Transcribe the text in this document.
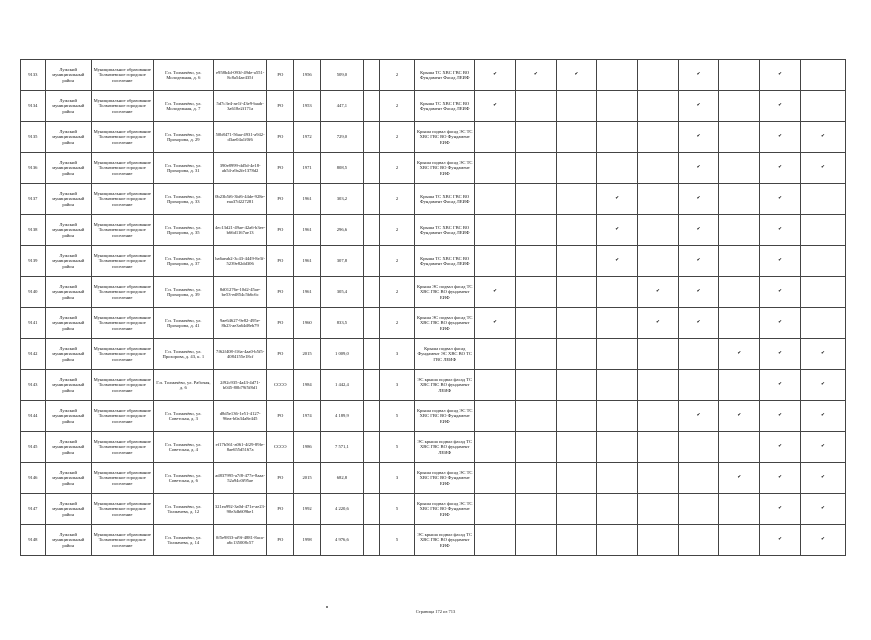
9133	Лужский муниципальный район	Муниципальное образование Толмачевское городское поселение	Г.п. Толмачёво, ул. Молодежная, д. 6	e958b4d-093f-49de-a551-8c8a54ae435f	РО	1956	509,0		2	Крыша ТС ХВС ГВС ВО Фундамент Фасад ЛЕИФ	✔	✔	✔			✔		✔	
9134	Лужский муниципальный район	Муниципальное образование Толмачевское городское поселение	Г.п. Толмачёво, ул. Молодежная, д. 7	5d7c3e4-ae1f-43e9-baab-3a618e2f171a	РО	1953	447,1		2	Крыша ТС ХВС ГВС ВО Фундамент Фасад ЛЕИФ	✔					✔		✔	
9135	Лужский муниципальный район	Муниципальное образование Толмачевское городское поселение	Г.п. Толмачёво, ул. Прохорова, д. 29	50b8471-56aa-4931-a942-d3ae04a1f0f6	РО	1972	729,0		2	Крыша подвал фасад ЭС ТС ХВС ГВС ВО Фундамент ЕИФ						✔		✔	✔
9136	Лужский муниципальный район	Муниципальное образование Толмачевское городское поселение	Г.п. Толмачёво, ул. Прохорова, д. 31	390e8999-dd5d-4e18-ab54-a9a2fe1378d2	РО	1971	808,5		2	Крыша подвал фасад ЭС ТС ХВС ГВС ВО Фундамент ЕИФ						✔		✔	✔
9137	Лужский муниципальный район	Муниципальное образование Толмачевское городское поселение	Г.п. Толмачёво, ул. Прохорова, д. 33	0b23b5f6-3bf6-44de-928e-eaa37d227281	РО	1961	303,2		2	Крыша ТС ХВС ГВС ВО Фундамент Фасад ЛЕИФ				✔		✔		✔	
9138	Лужский муниципальный район	Муниципальное образование Толмачевское городское поселение	Г.п. Толмачёво, ул. Прохорова, д. 35	4ec13d21-49ae-42a6-b3ee-b66d1167ae13	РО	1961	296,6		2	Крыша ТС ХВС ГВС ВО Фундамент Фасад ЛЕИФ				✔		✔		✔	
9139	Лужский муниципальный район	Муниципальное образование Толмачевское городское поселение	Г.п. Толмачёво, ул. Прохорова, д. 37	ba6aeab2-3c43-4449-8e3f-5239e82dd306	РО	1961	307,8		2	Крыша ТС ХВС ГВС ВО Фундамент Фасад ЛЕИФ				✔		✔		✔	
9140	Лужский муниципальный район	Муниципальное образование Толмачевское городское поселение	Г.п. Толмачёво, ул. Прохорова, д. 39	8d01276e-10d2-45ae-be53-ed854c5b6c6c	РО	1961	305,4		2	Крыша ЭС подвал фасад ТС ХВС ГВС ВО фундамент ЕИФ	✔				✔	✔		✔	
9141	Лужский муниципальный район	Муниципальное образование Толмачевское городское поселение	Г.п. Толмачёво, ул. Прохорова, д. 41	9ae64627-9e82-495e-8b23-ae3a64d8eb79	РО	1960	833,5		2	Крыша ЭС подвал фасад ТС ХВС ГВС ВО фундамент ЕИФ	✔				✔	✔		✔	
9142	Лужский муниципальный район	Муниципальное образование Толмачевское городское поселение	Г.п. Толмачёво, ул. Прохорова, д. 43, к. 1	7f62f408-f16a-4aa0-b5f5-4084155e18cf	РО	2015	1 009,0		3	Крыша подвал фасад Фундамент ЭС ХВС ВО ТС ГВС ЛЕИФ							✔	✔	✔
9143	Лужский муниципальный район	Муниципальное образование Толмачевское городское поселение	Г.п. Толмачёво, ул. Рабочая, д. 6	2f92c935-4a43-4d71-b045-80b79f5f8d1	СССО	1984	1 442,4		3	ЭС крыша подвал фасад ТС ХВС ГВС ВО фундамент ЛЕИФ								✔	✔
9144	Лужский муниципальный район	Муниципальное образование Толмачевское городское поселение	Г.п. Толмачёво, ул. Советская, д. 3	d8d5e136-1e51-4127-96ea-b0a34a8e445	РО	1974	4 189,9		5	Крыша подвал фасад ЭС ТС ХВС ГВС ВО Фундамент ЕИФ						✔	✔	✔	✔
9145	Лужский муниципальный район	Муниципальное образование Толмачевское городское поселение	Г.п. Толмачёво, ул. Советская, д. 4	ef17b561-a061-4f29-89fe-8ae655d5167a	СССО	1986	7 571,1		5	ЭС крыша подвал фасад ТС ХВС ГВС ВО фундамент ЛЕИФ								✔	✔
9146	Лужский муниципальный район	Муниципальное образование Толмачевское городское поселение	Г.п. Толмачёво, ул. Советская, д. 6	ad837995-a7f8-477e-8aaa-52a94c0f95ae	РО	2015	682,8		3	Крыша подвал фасад ЭС ТС ХВС ГВС ВО Фундамент ЕИФ							✔	✔	✔
9147	Лужский муниципальный район	Муниципальное образование Толмачевское городское поселение	Г.п. Толмачёво, ул. Толмачева, д. 12	321ea992-3a0d-471e-ae23-90e3db609be1	РО	1992	4 220,6		5	Крыша подвал фасад ЭС ТС ХВС ГВС ВО Фундамент ЕИФ								✔	✔
9148	Лужский муниципальный район	Муниципальное образование Толмачевское городское поселение	Г.п. Толмачёво, ул. Толмачева, д. 14	0f5e9833-af9f-4881-8aca-a6c135008c57	РО	1998	4 976,6		5	ЭС крыша подвал фасад ТС ХВС ГВС ВО фундамент ЕИФ								✔	✔
Страница 172 из 713
